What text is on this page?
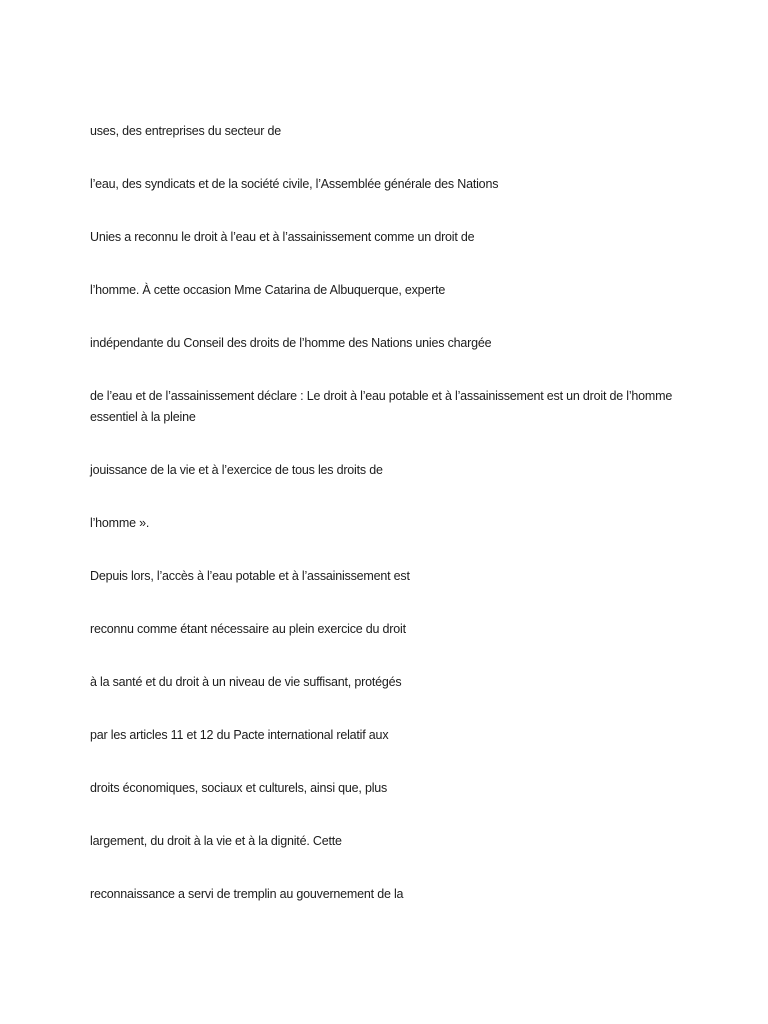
uses, des entreprises du secteur de

l’eau, des syndicats et de la société civile, l’Assemblée générale des Nations

Unies a reconnu le droit à l’eau et à l’assainissement comme un droit de

l’homme. À cette occasion Mme Catarina de Albuquerque, experte

indépendante du Conseil des droits de l’homme des Nations unies chargée

de l’eau et de l’assainissement déclare : Le droit à l’eau potable et à l’assainissement est un droit de l’homme essentiel à la pleine

jouissance de la vie et à l’exercice de tous les droits de

l’homme ».

Depuis lors, l’accès à l’eau potable et à l’assainissement est

reconnu comme étant nécessaire au plein exercice du droit

à la santé et du droit à un niveau de vie suffisant, protégés

par les articles 11 et 12 du Pacte international relatif aux

droits économiques, sociaux et culturels, ainsi que, plus

largement, du droit à la vie et à la dignité. Cette

reconnaissance a servi de tremplin au gouvernement de la
